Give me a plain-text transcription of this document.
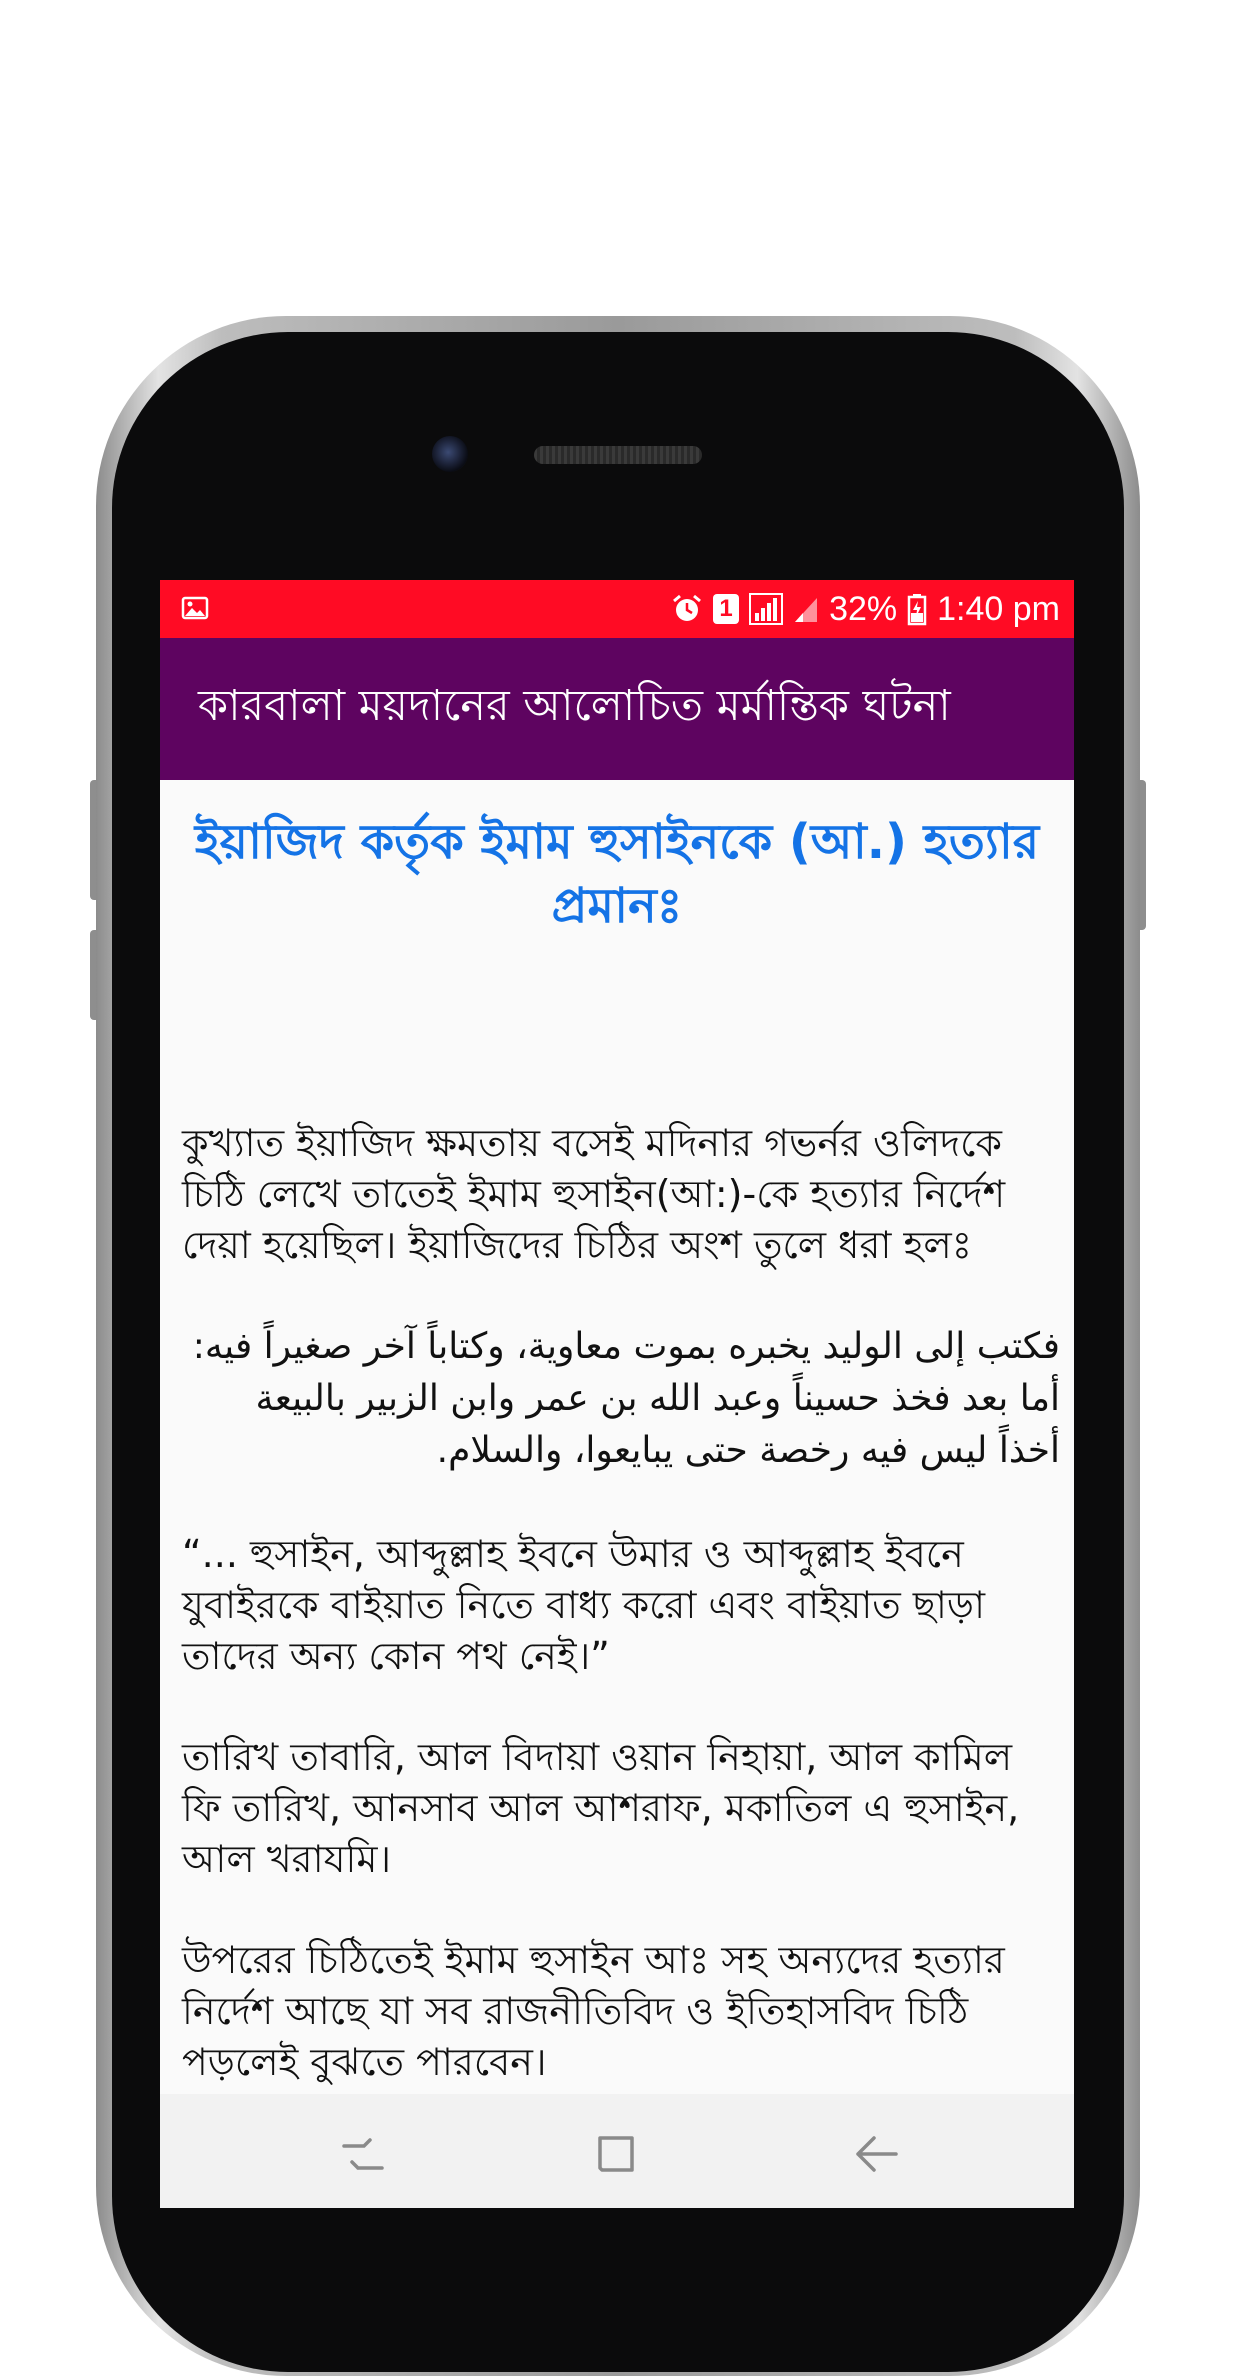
1	32% 1:40 pm
কারবালা ময়দানের আলোচিত মর্মান্তিক ঘটনা
ইয়াজিদ কর্তৃক ইমাম হুসাইনকে (আ.) হত্যার প্রমানঃ
কুখ্যাত ইয়াজিদ ক্ষমতায় বসেই মদিনার গভর্নর ওলিদকে চিঠি লেখে তাতেই ইমাম হুসাইন(আ:)-কে হত্যার নির্দেশ দেয়া হয়েছিল। ইয়াজিদের চিঠির অংশ তুলে ধরা হলঃ
فكتب إلى الوليد يخبره بموت معاوية، وكتاباً آخر صغيراً فيه: أما بعد فخذ حسيناً وعبد الله بن عمر وابن الزبير بالبيعة أخذاً ليس فيه رخصة حتى يبايعوا، والسلام.
“... হুসাইন, আব্দুল্লাহ ইবনে উমার ও আব্দুল্লাহ ইবনে যুবাইরকে বাইয়াত নিতে বাধ্য করো এবং বাইয়াত ছাড়া তাদের অন্য কোন পথ নেই।”
তারিখ তাবারি, আল বিদায়া ওয়ান নিহায়া, আল কামিল ফি তারিখ, আনসাব আল আশরাফ, মকাতিল এ হুসাইন, আল খরাযমি।
উপরের চিঠিতেই ইমাম হুসাইন আঃ সহ অন্যদের হত্যার নির্দেশ আছে যা সব রাজনীতিবিদ ও ইতিহাসবিদ চিঠি পড়লেই বুঝতে পারবেন।
